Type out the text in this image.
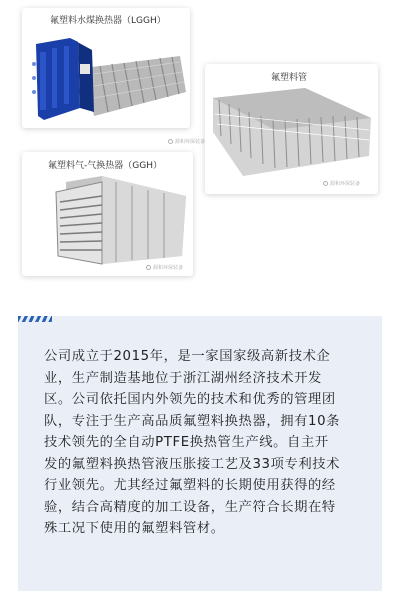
氟塑料水煤换热器（LGGH）
氟塑料管
源和环保装备
氟塑料气-气换热器（GGH）
源和环保装备
源和环保装备
公司成立于2015年，是一家国家级高新技术企
业，生产制造基地位于浙江湖州经济技术开发
区。公司依托国内外领先的技术和优秀的管理团
队，专注于生产高品质氟塑料换热器，拥有10条
技术领先的全自动PTFE换热管生产线。自主开
发的氟塑料换热管液压胀接工艺及33项专利技术
行业领先。尤其经过氟塑料的长期使用获得的经
验，结合高精度的加工设备，生产符合长期在特
殊工况下使用的氟塑料管材。
